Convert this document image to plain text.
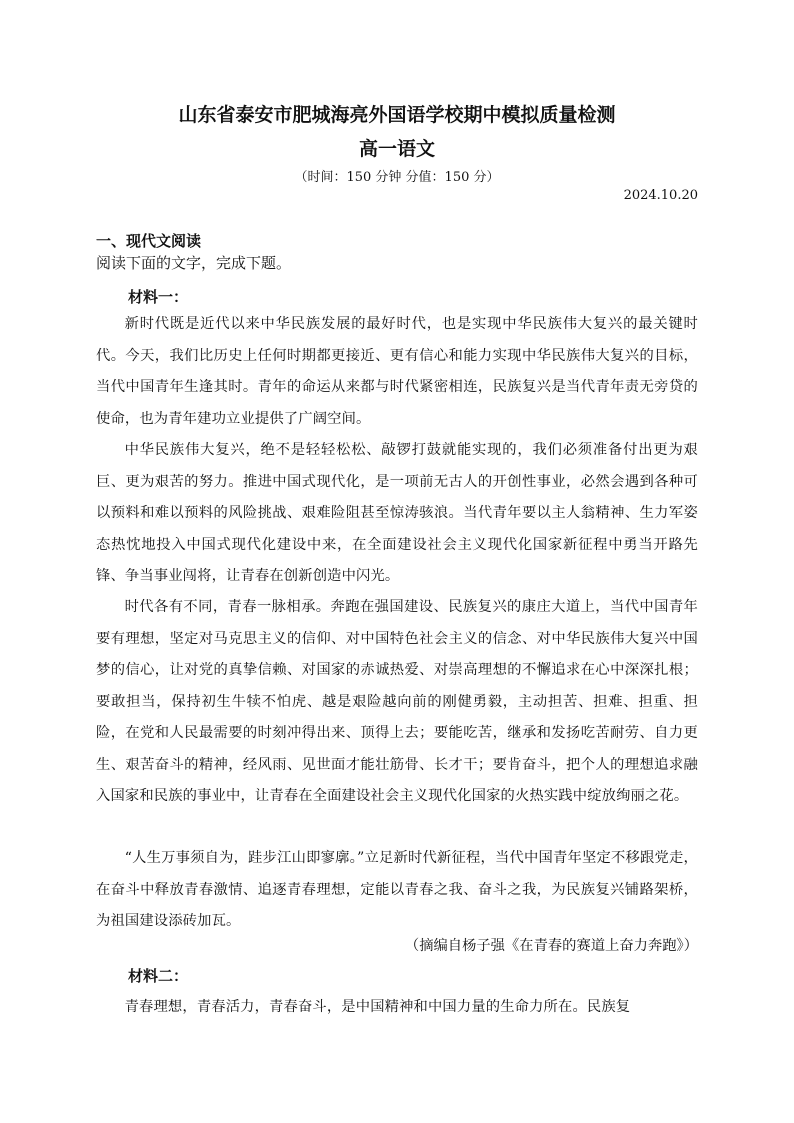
山东省泰安市肥城海亮外国语学校期中模拟质量检测
高一语文
（时间：150 分钟 分值：150 分）
2024.10.20
一、现代文阅读
阅读下面的文字，完成下题。
材料一：

新时代既是近代以来中华民族发展的最好时代，也是实现中华民族伟大复兴的最关键时代。今天，我们比历史上任何时期都更接近、更有信心和能力实现中华民族伟大复兴的目标，当代中国青年生逢其时。青年的命运从来都与时代紧密相连，民族复兴是当代青年责无旁贷的使命，也为青年建功立业提供了广阔空间。

中华民族伟大复兴，绝不是轻轻松松、敲锣打鼓就能实现的，我们必须准备付出更为艰巨、更为艰苦的努力。推进中国式现代化，是一项前无古人的开创性事业，必然会遇到各种可以预料和难以预料的风险挑战、艰难险阻甚至惊涛骇浪。当代青年要以主人翁精神、生力军姿态热忱地投入中国式现代化建设中来，在全面建设社会主义现代化国家新征程中勇当开路先锋、争当事业闯将，让青春在创新创造中闪光。

时代各有不同，青春一脉相承。奔跑在强国建设、民族复兴的康庄大道上，当代中国青年要有理想，坚定对马克思主义的信仰、对中国特色社会主义的信念、对中华民族伟大复兴中国梦的信心，让对党的真挚信赖、对国家的赤诚热爱、对崇高理想的不懈追求在心中深深扎根；要敢担当，保持初生牛犊不怕虎、越是艰险越向前的刚健勇毅，主动担苦、担难、担重、担险，在党和人民最需要的时刻冲得出来、顶得上去；要能吃苦，继承和发扬吃苦耐劳、自力更生、艰苦奋斗的精神，经风雨、见世面才能壮筋骨、长才干；要肯奋斗，把个人的理想追求融入国家和民族的事业中，让青春在全面建设社会主义现代化国家的火热实践中绽放绚丽之花。

“人生万事须自为，跬步江山即寥廓。”立足新时代新征程，当代中国青年坚定不移跟党走，在奋斗中释放青春激情、追逐青春理想，定能以青春之我、奋斗之我，为民族复兴铺路架桥，为祖国建设添砖加瓦。

（摘编自杨子强《在青春的赛道上奋力奔跑》）
材料二：

青春理想，青春活力，青春奋斗，是中国精神和中国力量的生命力所在。民族复
